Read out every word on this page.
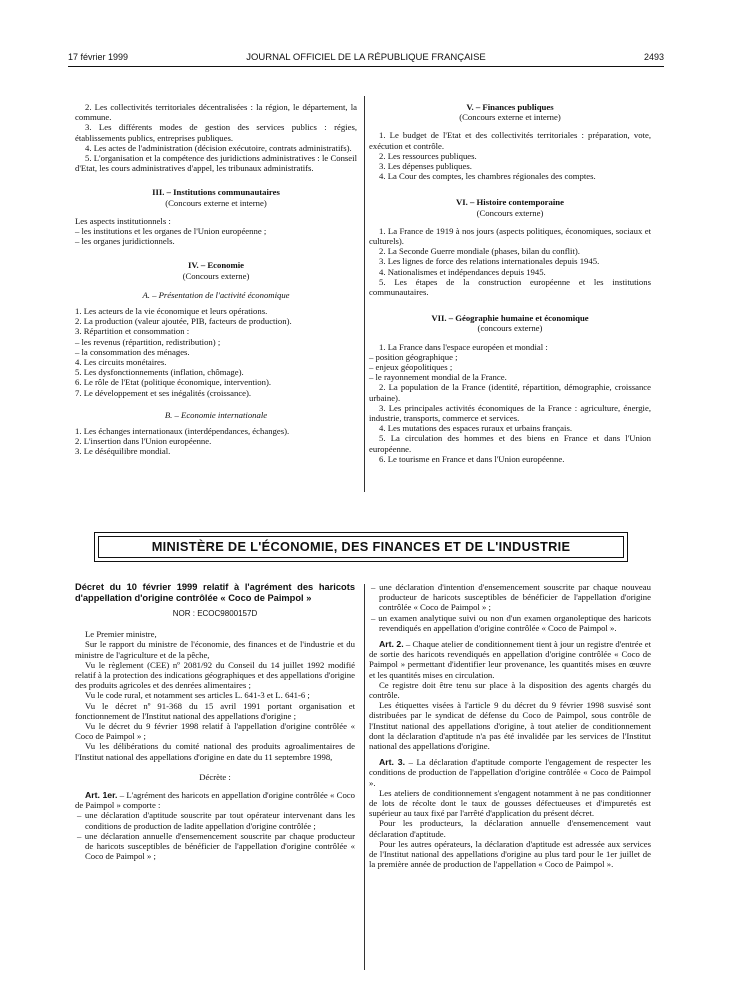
17 février 1999	JOURNAL OFFICIEL DE LA RÉPUBLIQUE FRANÇAISE	2493

2. Les collectivités territoriales décentralisées : la région, le département, la commune.

3. Les différents modes de gestion des services publics : régies, établissements publics, entreprises publiques.

4. Les actes de l'administration (décision exécutoire, contrats administratifs).

5. L'organisation et la compétence des juridictions administratives : le Conseil d'Etat, les cours administratives d'appel, les tribunaux administratifs.

III. – Institutions communautaires

(Concours externe et interne)

Les aspects institutionnels :

– les institutions et les organes de l'Union européenne ;

– les organes juridictionnels.

IV. – Economie

(Concours externe)

A. – Présentation de l'activité économique

1. Les acteurs de la vie économique et leurs opérations.

2. La production (valeur ajoutée, PIB, facteurs de production).

3. Répartition et consommation :

– les revenus (répartition, redistribution) ;

– la consommation des ménages.

4. Les circuits monétaires.

5. Les dysfonctionnements (inflation, chômage).

6. Le rôle de l'Etat (politique économique, intervention).

7. Le développement et ses inégalités (croissance).

B. – Economie internationale

1. Les échanges internationaux (interdépendances, échanges).

2. L'insertion dans l'Union européenne.

3. Le déséquilibre mondial.

V. – Finances publiques

(Concours externe et interne)

1. Le budget de l'Etat et des collectivités territoriales : préparation, vote, exécution et contrôle.

2. Les ressources publiques.

3. Les dépenses publiques.

4. La Cour des comptes, les chambres régionales des comptes.

VI. – Histoire contemporaine

(Concours externe)

1. La France de 1919 à nos jours (aspects politiques, économiques, sociaux et culturels).

2. La Seconde Guerre mondiale (phases, bilan du conflit).

3. Les lignes de force des relations internationales depuis 1945.

4. Nationalismes et indépendances depuis 1945.

5. Les étapes de la construction européenne et les institutions communautaires.

VII. – Géographie humaine et économique

(concours externe)

1. La France dans l'espace européen et mondial :

– position géographique ;

– enjeux géopolitiques ;

– le rayonnement mondial de la France.

2. La population de la France (identité, répartition, démographie, croissance urbaine).

3. Les principales activités économiques de la France : agriculture, énergie, industrie, transports, commerce et services.

4. Les mutations des espaces ruraux et urbains français.

5. La circulation des hommes et des biens en France et dans l'Union européenne.

6. Le tourisme en France et dans l'Union européenne.

MINISTÈRE DE L'ÉCONOMIE, DES FINANCES ET DE L'INDUSTRIE

Décret du 10 février 1999 relatif à l'agrément des haricots d'appellation d'origine contrôlée « Coco de Paimpol »

NOR : ECOC9800157D

Le Premier ministre,

Sur le rapport du ministre de l'économie, des finances et de l'industrie et du ministre de l'agriculture et de la pêche,

Vu le règlement (CEE) nº 2081/92 du Conseil du 14 juillet 1992 modifié relatif à la protection des indications géographiques et des appellations d'origine des produits agricoles et des denrées alimentaires ;

Vu le code rural, et notamment ses articles L. 641-3 et L. 641-6 ;

Vu le décret nº 91-368 du 15 avril 1991 portant organisation et fonctionnement de l'Institut national des appellations d'origine ;

Vu le décret du 9 février 1998 relatif à l'appellation d'origine contrôlée « Coco de Paimpol » ;

Vu les délibérations du comité national des produits agroalimentaires de l'Institut national des appellations d'origine en date du 11 septembre 1998,

Décrète :

Art. 1er. – L'agrément des haricots en appellation d'origine contrôlée « Coco de Paimpol » comporte :

– une déclaration d'aptitude souscrite par tout opérateur intervenant dans les conditions de production de ladite appellation d'origine contrôlée ;

– une déclaration annuelle d'ensemencement souscrite par chaque producteur de haricots susceptibles de bénéficier de l'appellation d'origine contrôlée « Coco de Paimpol » ;

– une déclaration d'intention d'ensemencement souscrite par chaque nouveau producteur de haricots susceptibles de bénéficier de l'appellation d'origine contrôlée « Coco de Paimpol » ;

– un examen analytique suivi ou non d'un examen organoleptique des haricots revendiqués en appellation d'origine contrôlée « Coco de Paimpol ».

Art. 2. – Chaque atelier de conditionnement tient à jour un registre d'entrée et de sortie des haricots revendiqués en appellation d'origine contrôlée « Coco de Paimpol » permettant d'identifier leur provenance, les quantités mises en œuvre et les quantités mises en circulation.

Ce registre doit être tenu sur place à la disposition des agents chargés du contrôle.

Les étiquettes visées à l'article 9 du décret du 9 février 1998 susvisé sont distribuées par le syndicat de défense du Coco de Paimpol, sous contrôle de l'Institut national des appellations d'origine, à tout atelier de conditionnement dont la déclaration d'aptitude n'a pas été invalidée par les services de l'Institut national des appellations d'origine.

Art. 3. – La déclaration d'aptitude comporte l'engagement de respecter les conditions de production de l'appellation d'origine contrôlée « Coco de Paimpol ».

Les ateliers de conditionnement s'engagent notamment à ne pas conditionner de lots de récolte dont le taux de gousses défectueuses et d'impuretés est supérieur au taux fixé par l'arrêté d'application du présent décret.

Pour les producteurs, la déclaration annuelle d'ensemencement vaut déclaration d'aptitude.

Pour les autres opérateurs, la déclaration d'aptitude est adressée aux services de l'Institut national des appellations d'origine au plus tard pour le 1er juillet de la première année de production de l'appellation « Coco de Paimpol ».
